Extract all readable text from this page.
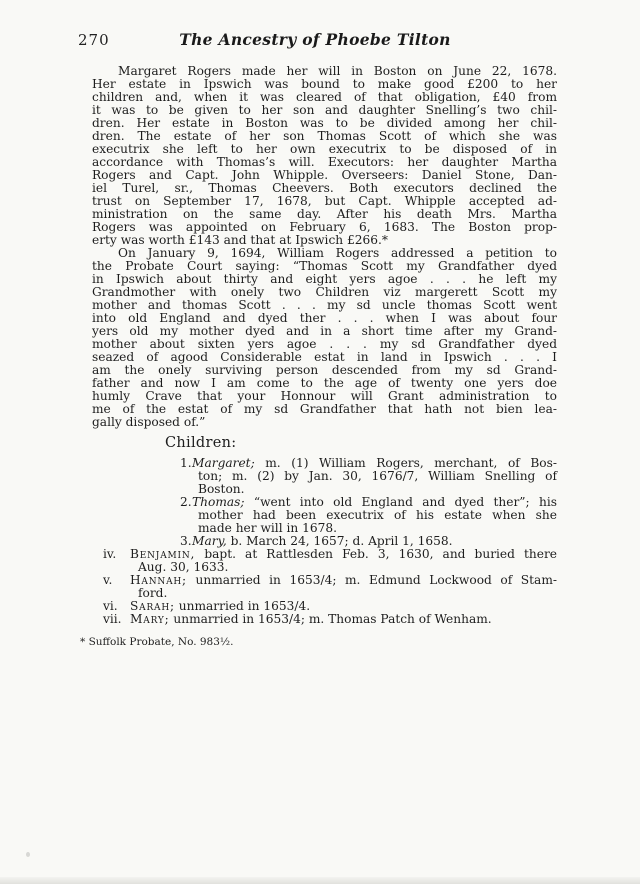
270	The Ancestry of Phoebe Tilton
Margaret Rogers made her will in Boston on June 22, 1678.
Her estate in Ipswich was bound to make good £200 to her
children and, when it was cleared of that obligation, £40 from
it was to be given to her son and daughter Snelling’s two chil-
dren. Her estate in Boston was to be divided among her chil-
dren. The estate of her son Thomas Scott of which she was
executrix she left to her own executrix to be disposed of in
accordance with Thomas’s will. Executors: her daughter Martha
Rogers and Capt. John Whipple. Overseers: Daniel Stone, Dan-
iel Turel, sr., Thomas Cheevers. Both executors declined the
trust on September 17, 1678, but Capt. Whipple accepted ad-
ministration on the same day. After his death Mrs. Martha
Rogers was appointed on February 6, 1683. The Boston prop-
erty was worth £143 and that at Ipswich £266.*
On January 9, 1694, William Rogers addressed a petition to
the Probate Court saying: “Thomas Scott my Grandfather dyed
in Ipswich about thirty and eight yers agoe . . . he left my
Grandmother with onely two Children viz margerett Scott my
mother and thomas Scott . . . my sd uncle thomas Scott went
into old England and dyed ther . . . when I was about four
yers old my mother dyed and in a short time after my Grand-
mother about sixten yers agoe . . . my sd Grandfather dyed
seazed of agood Considerable estat in land in Ipswich . . . I
am the onely surviving person descended from my sd Grand-
father and now I am come to the age of twenty one yers doe
humly Crave that your Honnour will Grant administration to
me of the estat of my sd Grandfather that hath not bien lea-
gally disposed of.”
Children:
1.Margaret; m. (1) William Rogers, merchant, of Bos-
ton; m. (2) by Jan. 30, 1676/7, William Snelling of
Boston.
2.Thomas; “went into old England and dyed ther”; his
mother had been executrix of his estate when she
made her will in 1678.
3.Mary, b. March 24, 1657; d. April 1, 1658.
iv. Benjamin, bapt. at Rattlesden Feb. 3, 1630, and buried there
Aug. 30, 1633.
v. Hannah; unmarried in 1653/4; m. Edmund Lockwood of Stam-
ford.
vi. Sarah; unmarried in 1653/4.
vii. Mary; unmarried in 1653/4; m. Thomas Patch of Wenham.
* Suffolk Probate, No. 983½.
